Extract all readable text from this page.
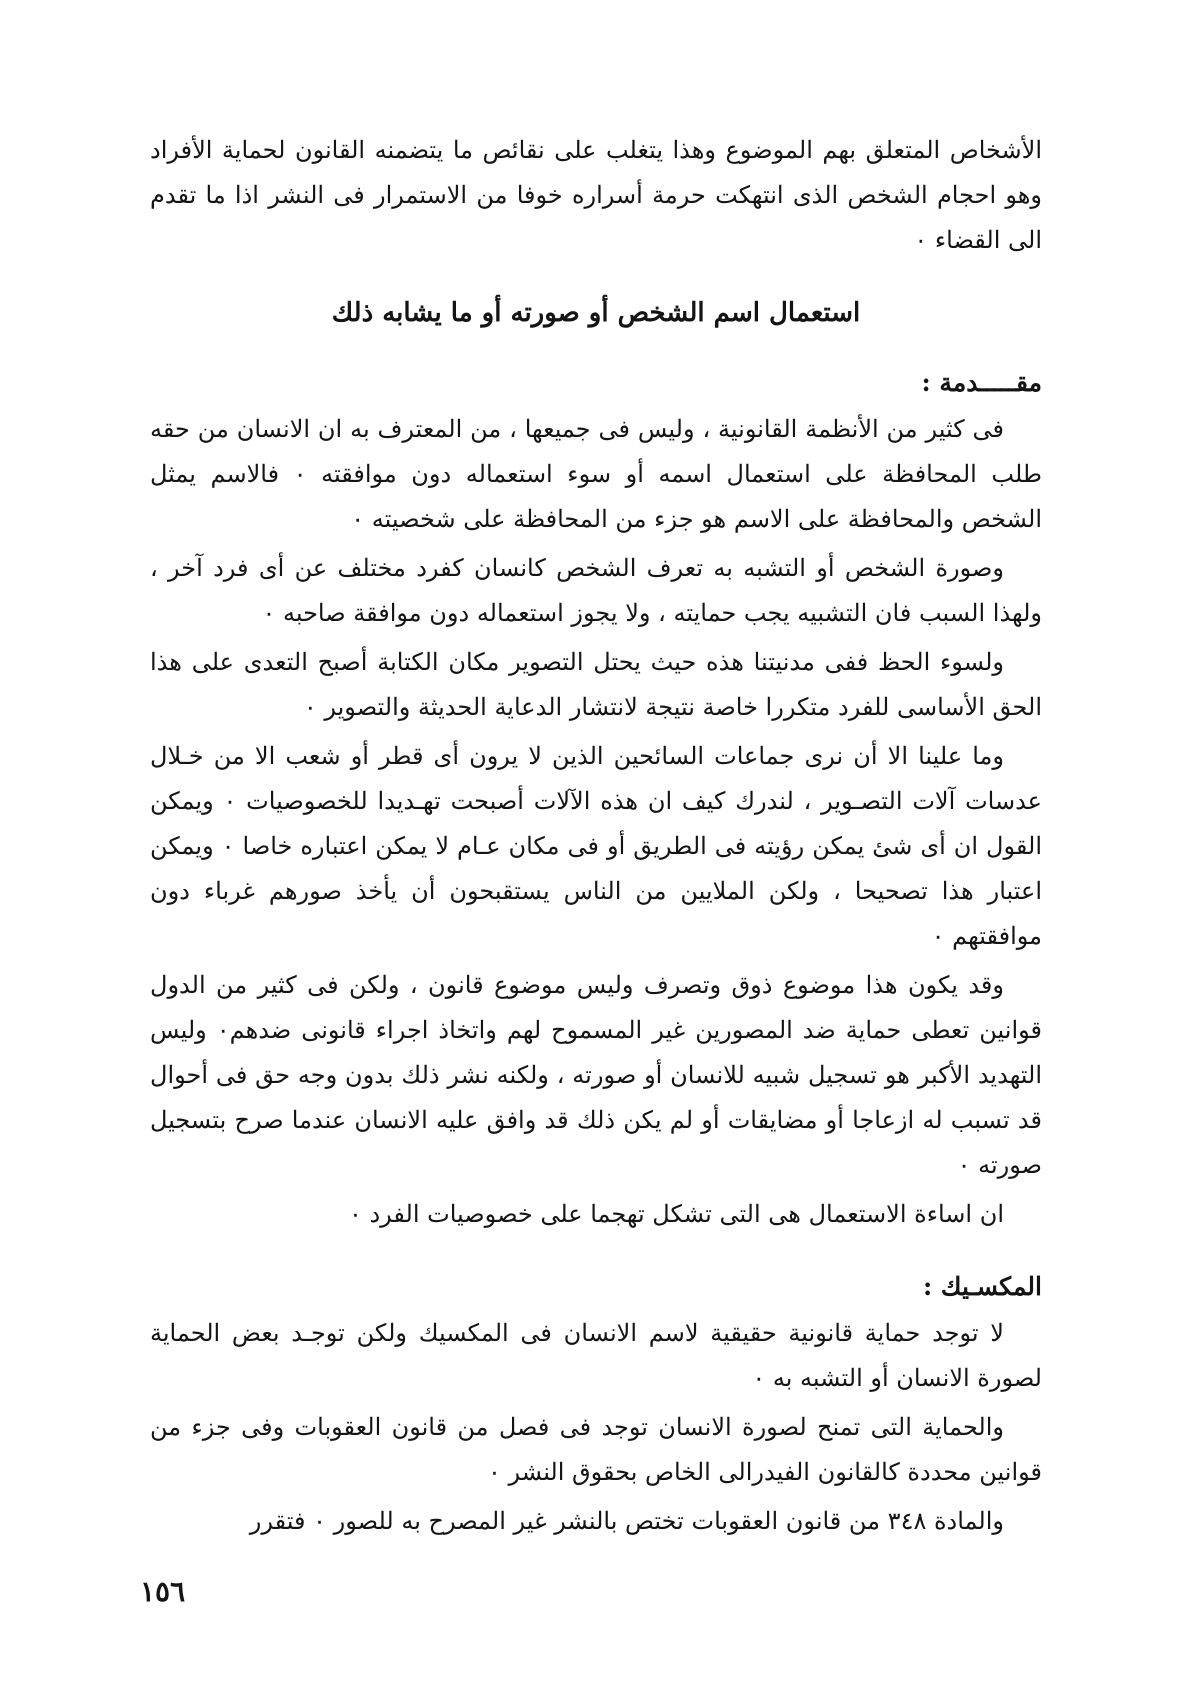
الأشخاص المتعلق بهم الموضوع وهذا يتغلب على نقائص ما يتضمنه القانون لحماية الأفراد وهو احجام الشخص الذى انتهكت حرمة أسراره خوفا من الاستمرار فى النشر اذا ما تقدم الى القضاء ٠

استعمال اسم الشخص أو صورته أو ما يشابه ذلك
مقـــــدمة :

فى كثير من الأنظمة القانونية ، وليس فى جميعها ، من المعترف به ان الانسان من حقه طلب المحافظة على استعمال اسمه أو سوء استعماله دون موافقته ٠ فالاسم يمثل الشخص والمحافظة على الاسم هو جزء من المحافظة على شخصيته ٠

وصورة الشخص أو التشبه به تعرف الشخص كانسان كفرد مختلف عن أى فرد آخر ، ولهذا السبب فان التشبيه يجب حمايته ، ولا يجوز استعماله دون موافقة صاحبه ٠

ولسوء الحظ ففى مدنيتنا هذه حيث يحتل التصوير مكان الكتابة أصبح التعدى على هذا الحق الأساسى للفرد متكررا خاصة نتيجة لانتشار الدعاية الحديثة والتصوير ٠

وما علينا الا أن نرى جماعات السائحين الذين لا يرون أى قطر أو شعب الا من خـلال عدسات آلات التصـوير ، لندرك كيف ان هذه الآلات أصبحت تهـديدا للخصوصيات ٠ ويمكن القول ان أى شئ يمكن رؤيته فى الطريق أو فى مكان عـام لا يمكن اعتباره خاصا ٠ ويمكن اعتبار هذا تصحيحا ، ولكن الملايين من الناس يستقبحون أن يأخذ صورهم غرباء دون موافقتهم ٠

وقد يكون هذا موضوع ذوق وتصرف وليس موضوع قانون ، ولكن فى كثير من الدول قوانين تعطى حماية ضد المصورين غير المسموح لهم واتخاذ اجراء قانونى ضدهم٠ وليس التهديد الأكبر هو تسجيل شبيه للانسان أو صورته ، ولكنه نشر ذلك بدون وجه حق فى أحوال قد تسبب له ازعاجا أو مضايقات أو لم يكن ذلك قد وافق عليه الانسان عندما صرح بتسجيل صورته ٠

ان اساءة الاستعمال هى التى تشكل تهجما على خصوصيات الفرد ٠

المكسـيك :

لا توجد حماية قانونية حقيقية لاسم الانسان فى المكسيك ولكن توجـد بعض الحماية لصورة الانسان أو التشبه به ٠

والحماية التى تمنح لصورة الانسان توجد فى فصل من قانون العقوبات وفى جزء من قوانين محددة كالقانون الفيدرالى الخاص بحقوق النشر ٠

والمادة ٣٤٨ من قانون العقوبات تختص بالنشر غير المصرح به للصور ٠ فتقرر

١٥٦
